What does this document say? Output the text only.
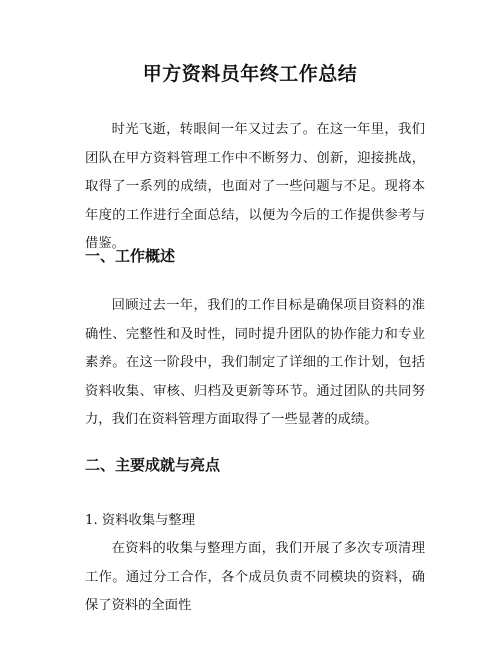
甲方资料员年终工作总结

时光飞逝，转眼间一年又过去了。在这一年里，我们团队在甲方资料管理工作中不断努力、创新，迎接挑战，取得了一系列的成绩，也面对了一些问题与不足。现将本年度的工作进行全面总结，以便为今后的工作提供参考与借鉴。

一、工作概述

回顾过去一年，我们的工作目标是确保项目资料的准确性、完整性和及时性，同时提升团队的协作能力和专业素养。在这一阶段中，我们制定了详细的工作计划，包括资料收集、审核、归档及更新等环节。通过团队的共同努力，我们在资料管理方面取得了一些显著的成绩。

二、主要成就与亮点
1. 资料收集与整理

在资料的收集与整理方面，我们开展了多次专项清理工作。通过分工合作，各个成员负责不同模块的资料，确保了资料的全面性
